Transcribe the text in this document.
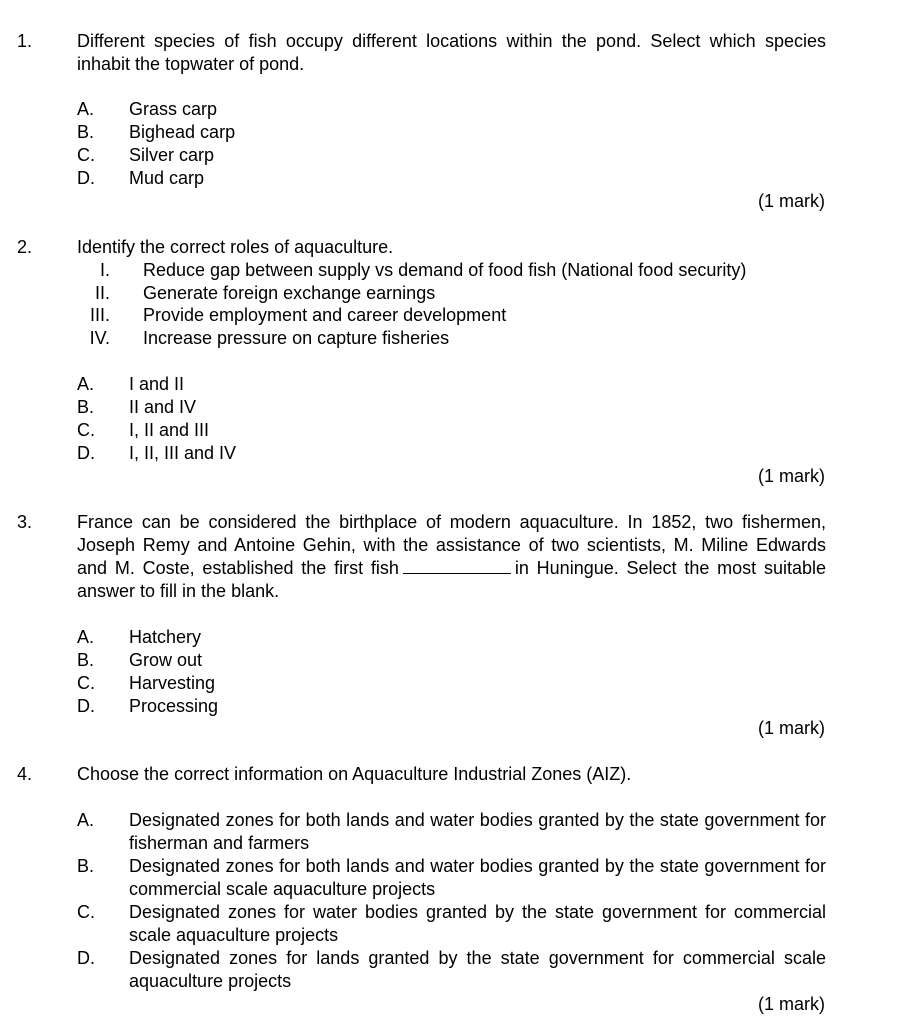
1. Different species of fish occupy different locations within the pond. Select which species inhabit the topwater of pond.
A. Grass carp
B. Bighead carp
C. Silver carp
D. Mud carp
(1 mark)
2. Identify the correct roles of aquaculture.
I. Reduce gap between supply vs demand of food fish (National food security)
II. Generate foreign exchange earnings
III. Provide employment and career development
IV. Increase pressure on capture fisheries
A. I and II
B. II and IV
C. I, II and III
D. I, II, III and IV
(1 mark)
3. France can be considered the birthplace of modern aquaculture. In 1852, two fishermen, Joseph Remy and Antoine Gehin, with the assistance of two scientists, M. Miline Edwards and M. Coste, established the first fish	in Huningue. Select the most suitable answer to fill in the blank.
A. Hatchery
B. Grow out
C. Harvesting
D. Processing
(1 mark)
4. Choose the correct information on Aquaculture Industrial Zones (AIZ).
A. Designated zones for both lands and water bodies granted by the state government for fisherman and farmers
B. Designated zones for both lands and water bodies granted by the state government for commercial scale aquaculture projects
C. Designated zones for water bodies granted by the state government for commercial scale aquaculture projects
D. Designated zones for lands granted by the state government for commercial scale aquaculture projects
(1 mark)
